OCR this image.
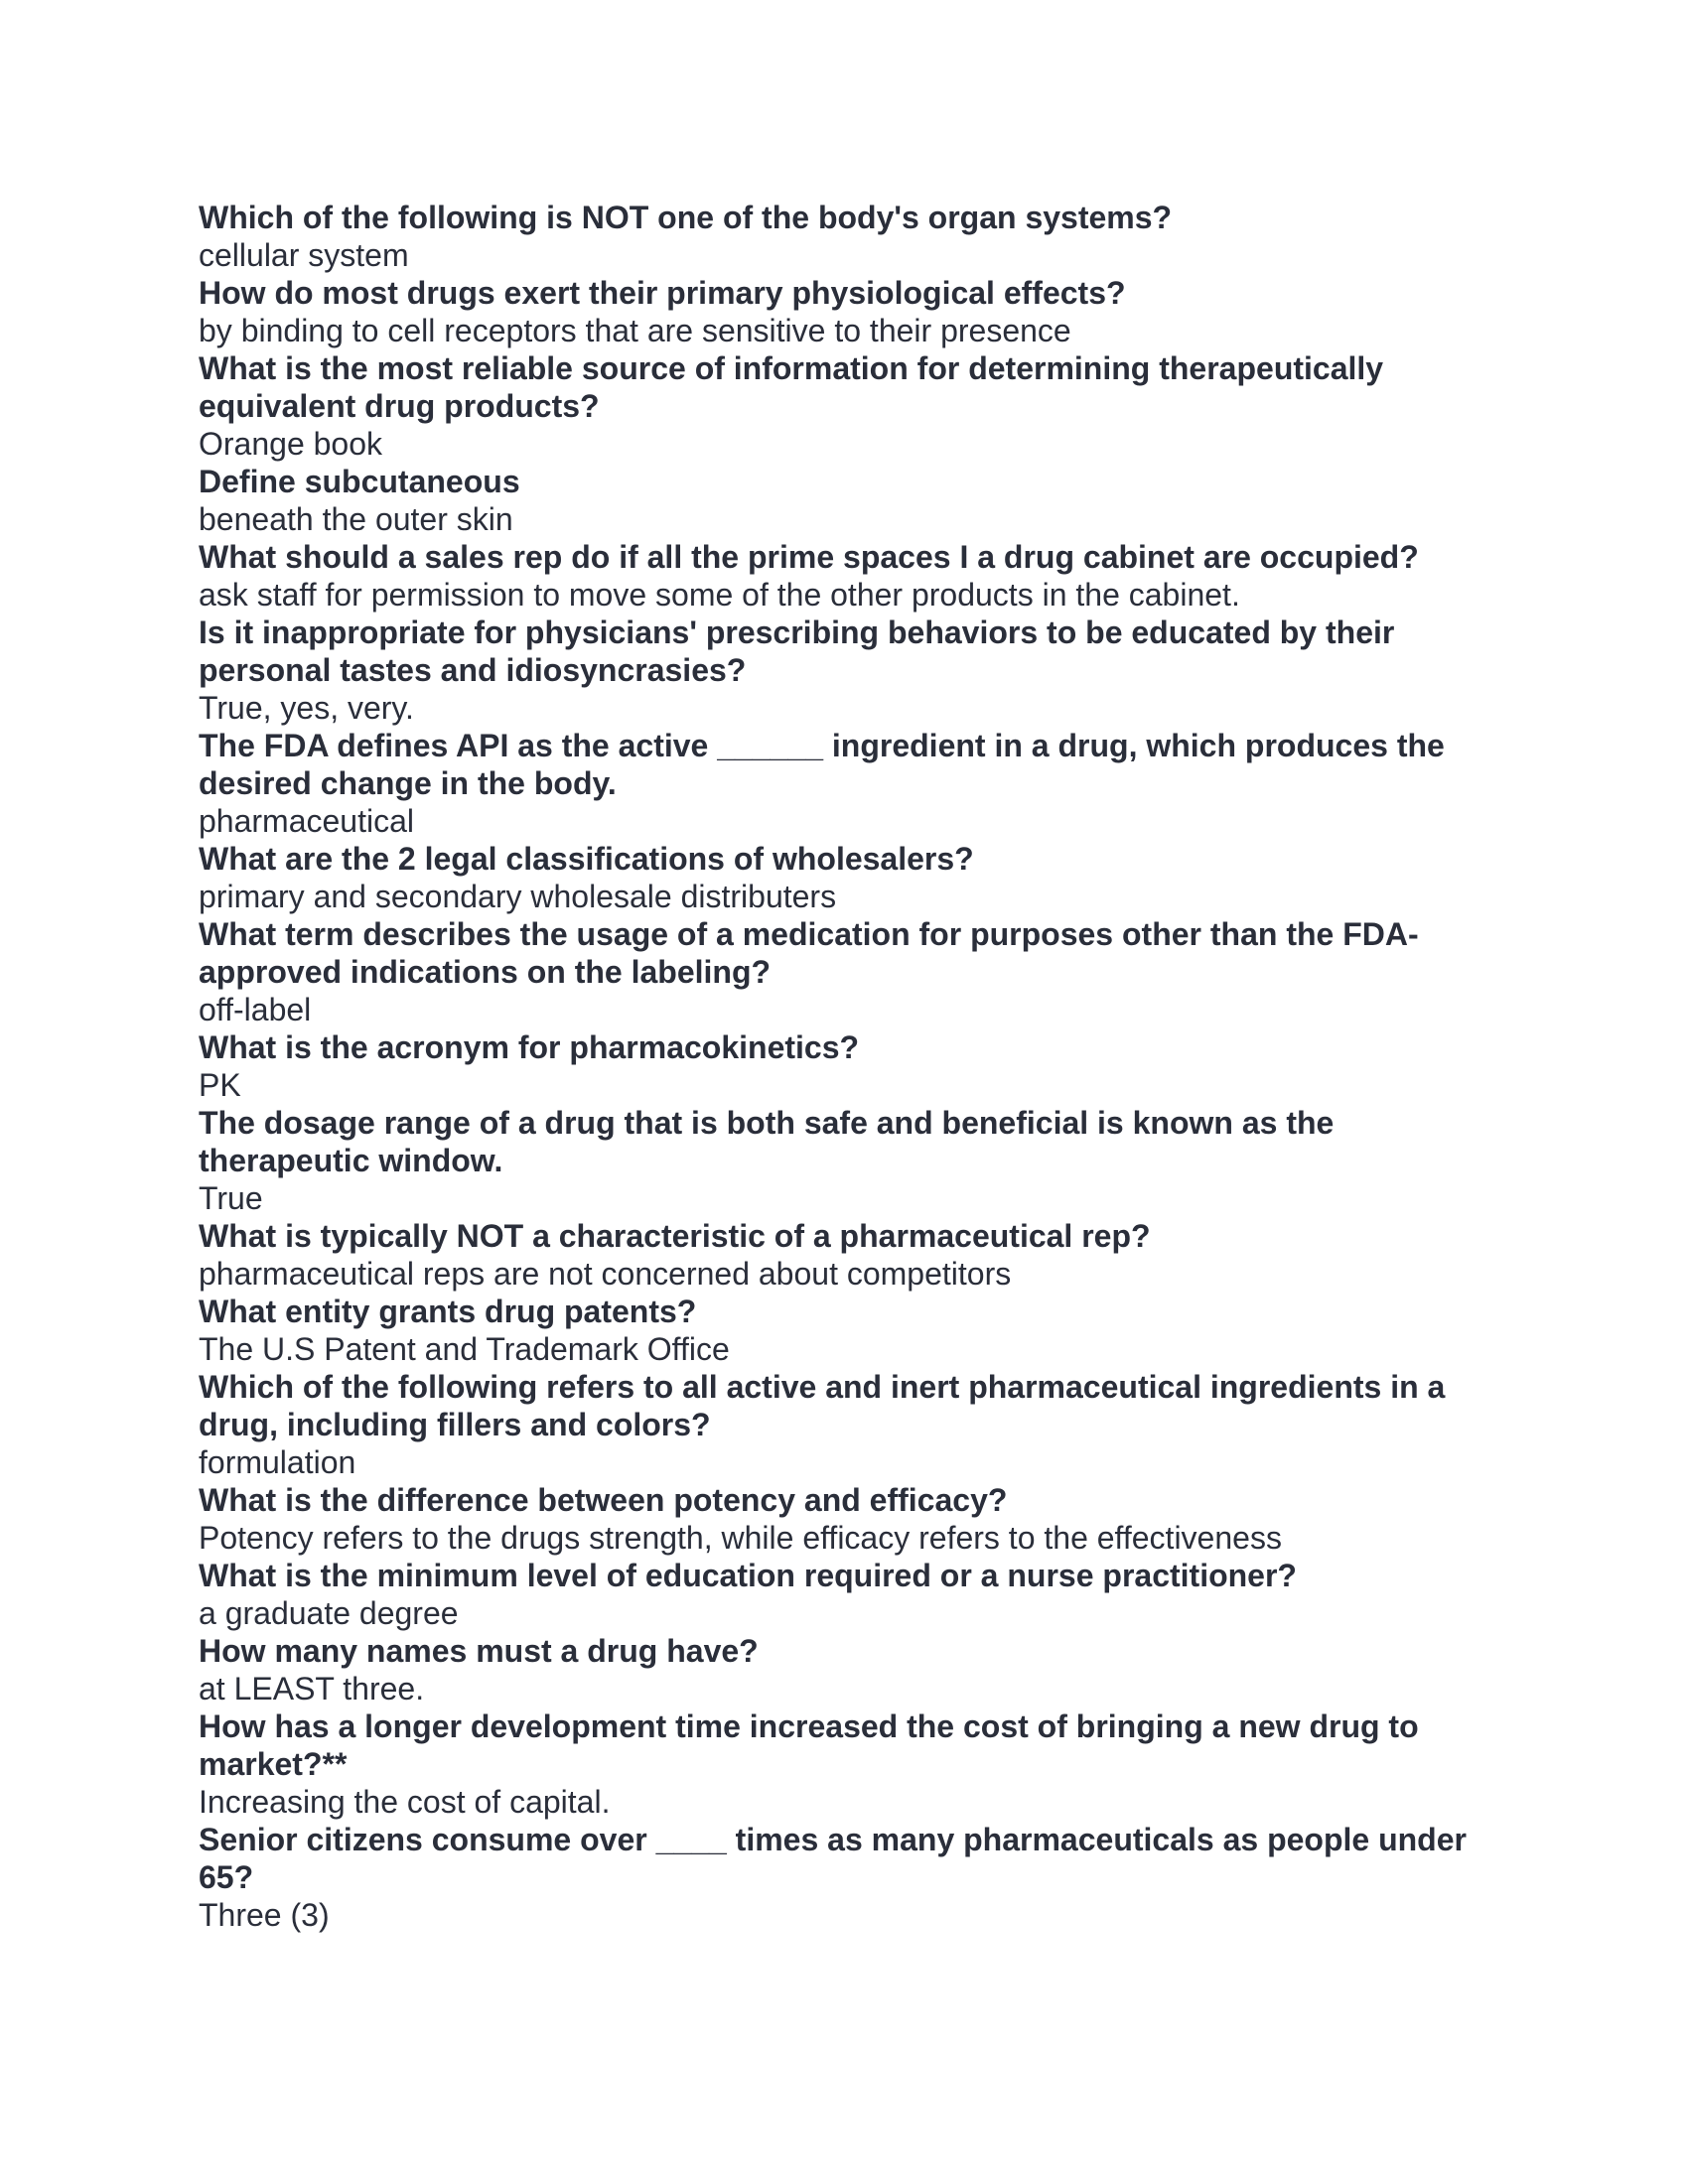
Which of the following is NOT one of the body's organ systems?

cellular system

How do most drugs exert their primary physiological effects?

by binding to cell receptors that are sensitive to their presence

What is the most reliable source of information for determining therapeutically equivalent drug products?

Orange book

Define subcutaneous

beneath the outer skin

What should a sales rep do if all the prime spaces I a drug cabinet are occupied?

ask staff for permission to move some of the other products in the cabinet.

Is it inappropriate for physicians' prescribing behaviors to be educated by their personal tastes and idiosyncrasies?

True, yes, very.

The FDA defines API as the active ______ ingredient in a drug, which produces the desired change in the body.

pharmaceutical

What are the 2 legal classifications of wholesalers?

primary and secondary wholesale distributers

What term describes the usage of a medication for purposes other than the FDA-approved indications on the labeling?

off-label

What is the acronym for pharmacokinetics?

PK

The dosage range of a drug that is both safe and beneficial is known as the therapeutic window.

True

What is typically NOT a characteristic of a pharmaceutical rep?

pharmaceutical reps are not concerned about competitors

What entity grants drug patents?

The U.S Patent and Trademark Office

Which of the following refers to all active and inert pharmaceutical ingredients in a drug, including fillers and colors?

formulation

What is the difference between potency and efficacy?

Potency refers to the drugs strength, while efficacy refers to the effectiveness

What is the minimum level of education required or a nurse practitioner?

a graduate degree

How many names must a drug have?

at LEAST three.

How has a longer development time increased the cost of bringing a new drug to market?**

Increasing the cost of capital.

Senior citizens consume over ____ times as many pharmaceuticals as people under 65?

Three (3)
